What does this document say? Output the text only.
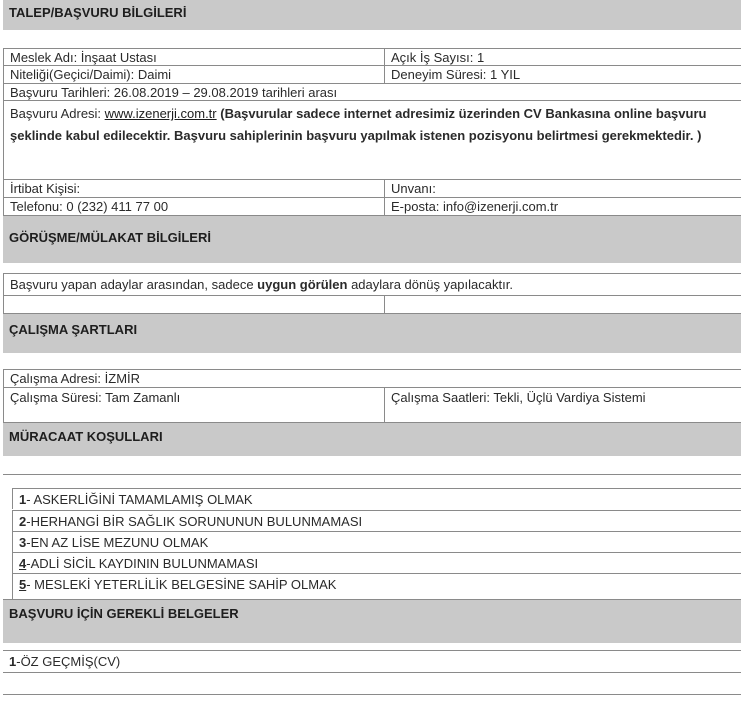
TALEP/BAŞVURU BİLGİLERİ
Meslek Adı: İnşaat Ustası	Açık İş Sayısı: 1
Niteliği(Geçici/Daimi): Daimi	Deneyim Süresi: 1 YIL
Başvuru Tarihleri: 26.08.2019 – 29.08.2019 tarihleri arası
Başvuru Adresi: www.izenerji.com.tr (Başvurular sadece internet adresimiz üzerinden CV Bankasına online başvuru şeklinde kabul edilecektir. Başvuru sahiplerinin başvuru yapılmak istenen pozisyonu belirtmesi gerekmektedir. )
İrtibat Kişisi:	Unvanı:
Telefonu: 0 (232) 411 77 00	E-posta: info@izenerji.com.tr
GÖRÜŞME/MÜLAKAT BİLGİLERİ
Başvuru yapan adaylar arasından, sadece uygun görülen adaylara dönüş yapılacaktır.
ÇALIŞMA ŞARTLARI
Çalışma Adresi: İZMİR
Çalışma Süresi: Tam Zamanlı	Çalışma Saatleri: Tekli, Üçlü Vardiya Sistemi
MÜRACAAT KOŞULLARI
1- ASKERLİĞİNİ TAMAMLAMIŞ OLMAK
2-HERHANGİ BİR SAĞLIK SORUNUNUN BULUNMAMASI
3-EN AZ LİSE MEZUNU OLMAK
4-ADLİ SİCİL KAYDININ BULUNMAMASI
5- MESLEKİ YETERLİLİK BELGESİNE SAHİP OLMAK
BAŞVURU İÇİN GEREKLİ BELGELER
1-ÖZ GEÇMİŞ(CV)
